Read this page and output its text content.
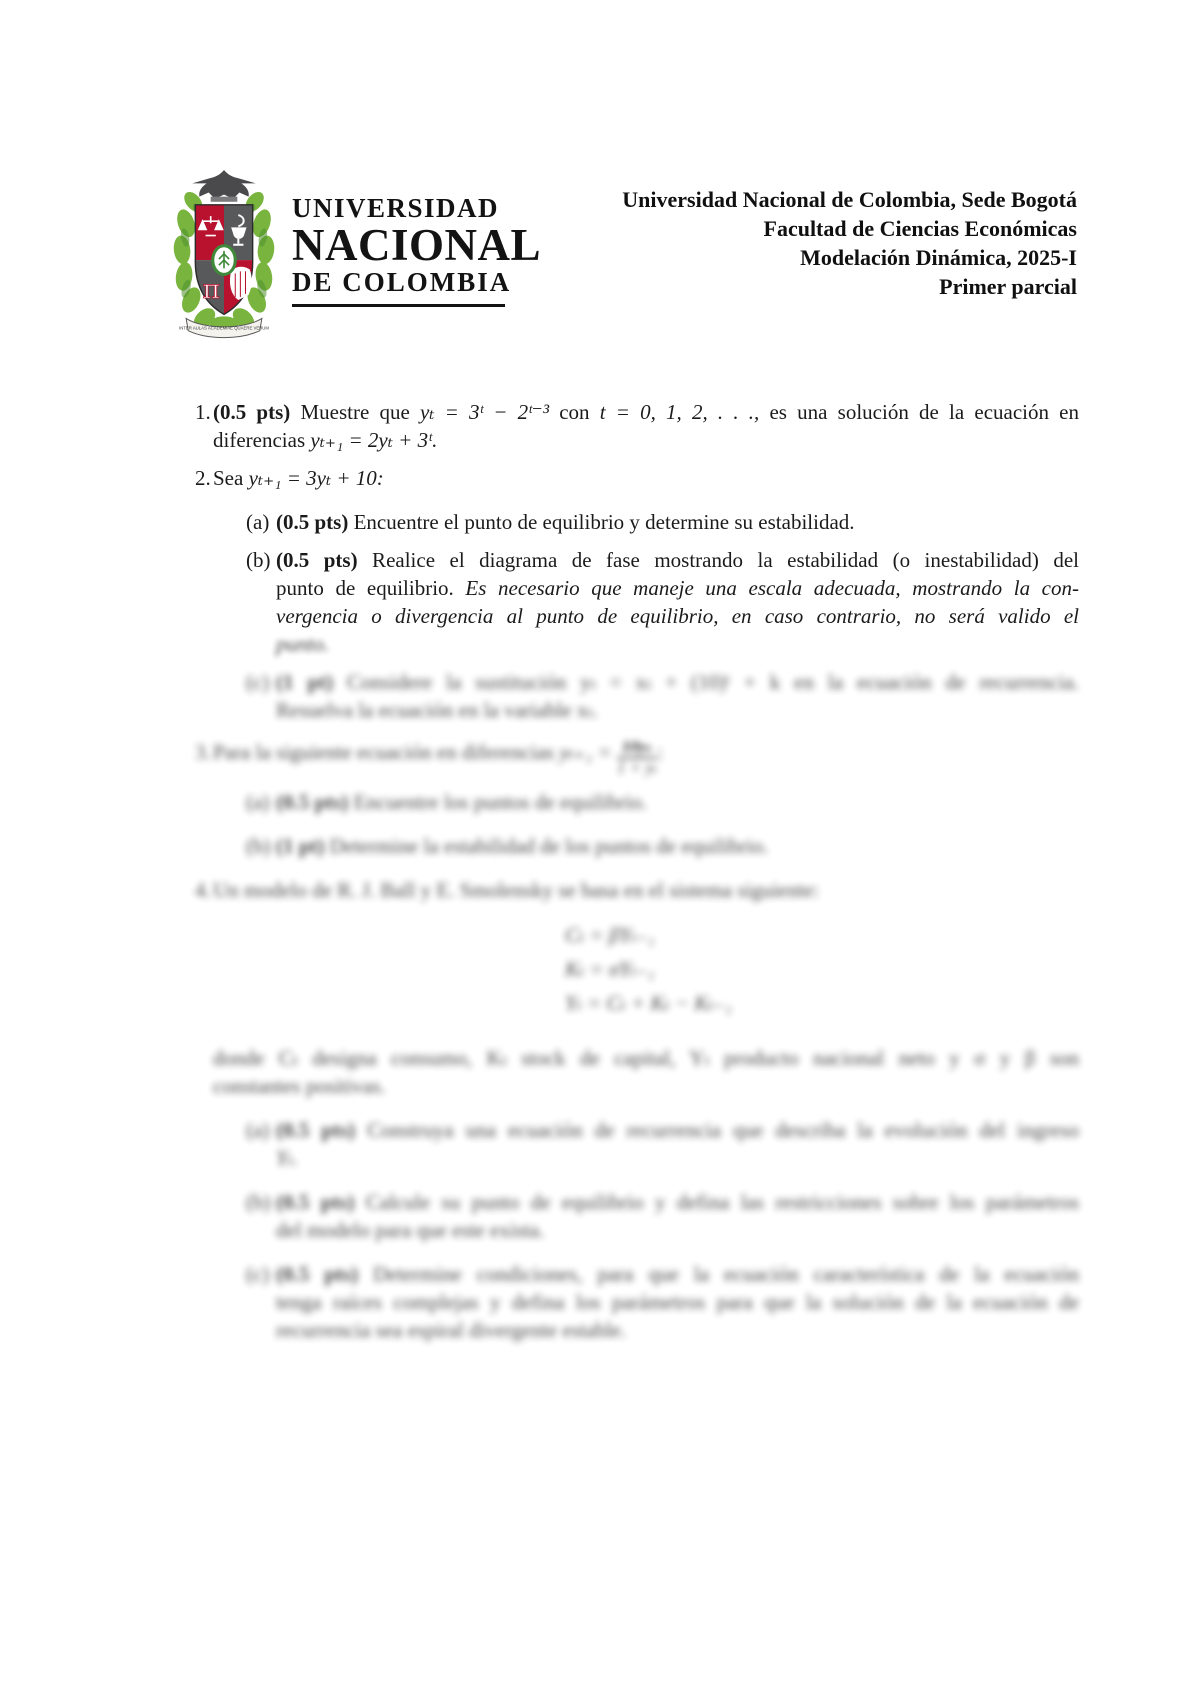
π
INTER AULAS ACADEMIAE QUAERE VERUM
UNIVERSIDAD
NACIONAL
DE COLOMBIA
Universidad Nacional de Colombia, Sede Bogotá
Facultad de Ciencias Económicas
Modelación Dinámica, 2025-I
Primer parcial
1. (0.5 pts) Muestre que yₜ = 3ᵗ − 2ᵗ⁻³ con t = 0, 1, 2, . . ., es una solución de la ecuación en
diferencias yₜ₊₁ = 2yₜ + 3ᵗ.
2. Sea yₜ₊₁ = 3yₜ + 10:
(a) (0.5 pts) Encuentre el punto de equilibrio y determine su estabilidad.
(b) (0.5 pts) Realice el diagrama de fase mostrando la estabilidad (o inestabilidad) del
punto de equilibrio. Es necesario que maneje una escala adecuada, mostrando la con-
vergencia o divergencia al punto de equilibrio, en caso contrario, no será valido el
punto.
(c) (1 pt) Considere la sustitución yₜ = xₜ + (10)ᵗ + k en la ecuación de recurrencia.
Resuelva la ecuación en la variable xₜ.
3. Para la siguiente ecuación en diferencias $y_{t+1} = \frac{\text{10yₜ}}{\text{1 + yₜ}}$ :
(a) (0.5 pts) Encuentre los puntos de equilibrio.
(b) (1 pt) Determine la estabilidad de los puntos de equilibrio.
4. Un modelo de R. J. Ball y E. Smolensky se basa en el sistema siguiente:
Cₜ = βYₜ₋₁
Kₜ = σYₜ₋₁
Yₜ = Cₜ + Kₜ − Kₜ₋₁
donde Cₜ designa consumo, Kₜ stock de capital, Yₜ producto nacional neto y σ y β son
constantes positivas.
(a) (0.5 pts) Construya una ecuación de recurrencia que describa la evolución del ingreso
Yₜ.
(b) (0.5 pts) Calcule su punto de equilibrio y defina las restricciones sobre los parámetros
del modelo para que este exista.
(c) (0.5 pts) Determine condiciones, para que la ecuación característica de la ecuación
tenga raíces complejas y defina los parámetros para que la solución de la ecuación de
recurrencia sea espiral divergente estable.
